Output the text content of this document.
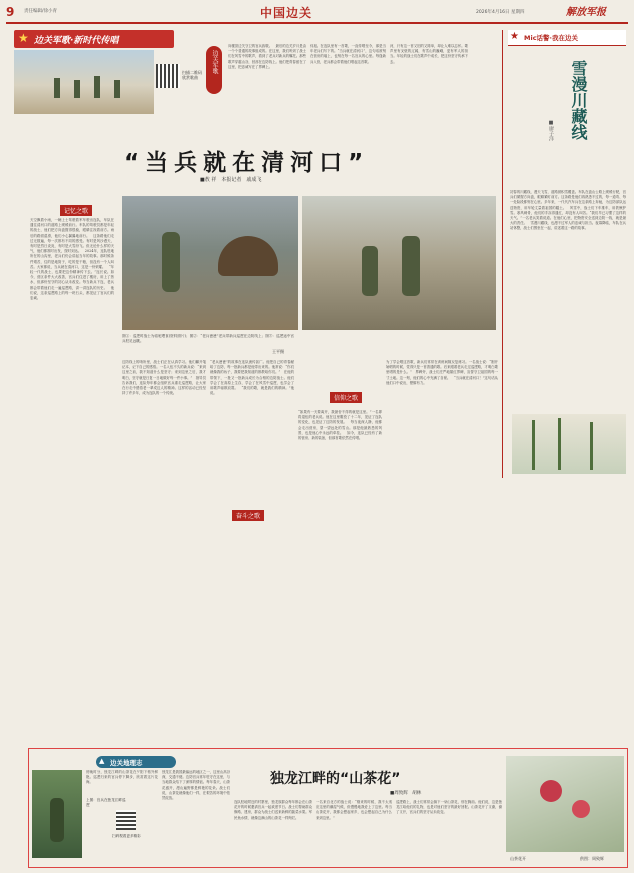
9 责任编辑/徐小青	中国边关	2026年4月16日 星期四	解放军报
★ 边关军歌·新时代传唱
扫描二维码 欣赏歌曲
边关军歌
向楼顶边关守卫的官兵致敬。　最后的边关岁月是由一个个普通的故事组成的。在这里，我们听到了战士们在风雪中的歌声，看到了老兵对新兵的嘱托。那些歌声穿越山谷，回荡在边防线上。他们把青春留在了这里，把忠诚写在了界碑上。
伟旭。在连队里有一首歌，一直传唱至今，那是当年老兵们写下的。“当兵就在清河口”，这句话被刻在营房的墙上，也刻在每一名官兵的心里。每逢新兵入营，老兵都会带着他们唱起这首歌。
河，只有这一首又旧的又简单，却让人难以忘怀。歌声里有戈壁的辽阔，有雪山的巍峨，更有军人的担当。年轻的战士们在歌声中成长，把这份坚守传承下去。
★ Mic话警·我在边关
雪漫川藏线
■廖子洋
初春的川藏线，漫天飞雪，道路被积雪覆盖。车队在盘山公路上缓缓行驶，官兵们紧握方向盘，眼睛紧盯前方。这条路是他们再熟悉不过的，每一道弯、每一处险段都刻在心里。多年来，一代代汽车兵在这条路上奔驰，为边防部队运送物资，用车轮丈量着祖国的疆土。　风雪中，战士们下车推车，用铁锹铲雪。寒风刺骨，他们的手冻得通红，却没有人叫苦。“我们早已习惯了这样的天气。”一名老兵笑着说道。在他们心里，把物资安全送到边防一线，就是最大的责任。　雪漫川藏线，也漫不过军人的忠诚与担当。夜幕降临，车队在兵站休整，战士们围坐在一起，讲述着这一路的故事。
“当兵就在清河口”
■敖 祥　本报记者　戚成飞
记忆之歌
天空飘着小雨，一辆上士驾驶着军车驶出连队，车队在通往清河口的道路上缓缓前行。车队的驾驶员都是年轻的战士，他们把方向盘握得很稳，眼睛注视着前方。雨后的路面湿滑，他们小心翼翼地前行。　这条路他们走过无数遍，每一次都有不同的感受。有时是风沙漫天，有时是烈日炎炎，有时是大雪纷飞。但无论什么样的天气，他们都准时出发，按时到达。　2024年，连队驻地所在的山沟里，老兵们仍会讲起当年的故事。那时候条件艰苦，住的是地窝子，吃的是干粮，但没有一个人叫苦。大家都说，当兵就在清河口，这是一份荣耀。　“年轻一代的战士，也要把这份精神传下去。”连长说。如今，营区条件大大改善，官兵们住进了楼房，用上了热水，但那份坚守的初心从未改变。每当新兵下连，老兵都会带着他们走一遍巡逻路，讲一讲连队的历史。　他们说，这条巡逻路上的每一块石头，都见证了官兵们的忠诚。
图①：巡逻时战士为骆驼喂食(资料照片)；图②：“老兵爸爸”老兵带新兵巡逻在边防线上；图③：巡逻途中官兵驻足远眺。
王平摄
信仰之歌
边防线上的哨所里，战士们正在认真学习。他们翻开笔记本，记下自己的感悟。一名入伍不久的新兵说：“来到这里之前，我不知道什么是坚守；来到这里之后，我才明白，坚守就是日复一日地做好每一件小事。”　指导员告诉我们，连队每年都会组织官兵重走巡逻路，让大家在行走中感悟老一辈戍边人的精神。这样的活动已经坚持了许多年，成为连队的一个传统。
奋斗之歌
“老兵爸爸”的故事在连队流传甚广。他把自己的青春献给了边防，每一批新兵都是他带出来的。他常说：“你们就像我的孩子，我要把我知道的都教给你们。”　在他的带领下，一批又一批新兵成长为合格的边防战士。他们学会了在高原上生存，学会了在风雪中巡逻，也学会了用歌声驱散寂寞。　“我们的歌，就是我们的精神。”他说。
“如果有一天要离开，我最舍不得的就是这里。”一名即将退伍的老兵说。他在这里服役了十二年，见证了连队的变化，也见证了边防的发展。　每当夜深人静，他都会走出营房，望一望远处的雪山。那是他最熟悉的风景，也是他心中永远的牵挂。　如今，连队已经有了新的营房、新的装备，但那首歌依然在传唱。
为了学会唱这首歌，新兵们常常在训练间隙反复练习。一名战士说：“刚开始唱的时候，觉得只是一首普通的歌。后来跟着老兵走过巡逻路，才明白歌里唱的是什么。”　界碑旁，战士们庄严地描红界碑，宣誓守卫祖国的每一寸土地。这一刻，他们的心中充满了自豪。　“当兵就在清河口！”这句话从他们口中说出，铿锵有力。
▲ 边关地理志
上图：官兵在独龙江畔巡逻
傍晚时分，独龙江畔的山茶花在夕阳下格外鲜艳。巡逻归来的官兵停下脚步，欣赏着这片花海。
独龙江是我国最偏远的地区之一，这里山高谷深，交通不便。边防官兵常年驻守在这里，与当地群众结下了深厚的情谊。每年春天，山茶花盛开，漫山遍野都是鲜艳的花朵。战士们说，山茶花就像他们一样，在艰苦的环境中依然绽放。
扫码观看更多精彩
独龙江畔的“山茶花”
■周致辉　胡林
连队驻地附近的村寨里，独龙族群众每年都会在山茶花开的时候邀请官兵一起欢度节日。战士们帮助群众修路、建房，群众为战士们送来新鲜的蔬菜水果。军民鱼水情，就像这满山的山茶花一样绚烂。
一名来自北方的战士说：“刚来的时候，我不太适应这里的潮湿气候，但慢慢地我爱上了这里。每当山茶花开，我都会想起家乡，也会想起自己为什么来到这里。”
巡逻路上，战士们常常会摘下一朵山茶花，别在胸前。他们说，这是独龙江给他们的礼物，也是对他们坚守的最好回报。山茶花开了又谢，谢了又开，官兵们的坚守从未改变。
山茶花开	供图：周致辉
